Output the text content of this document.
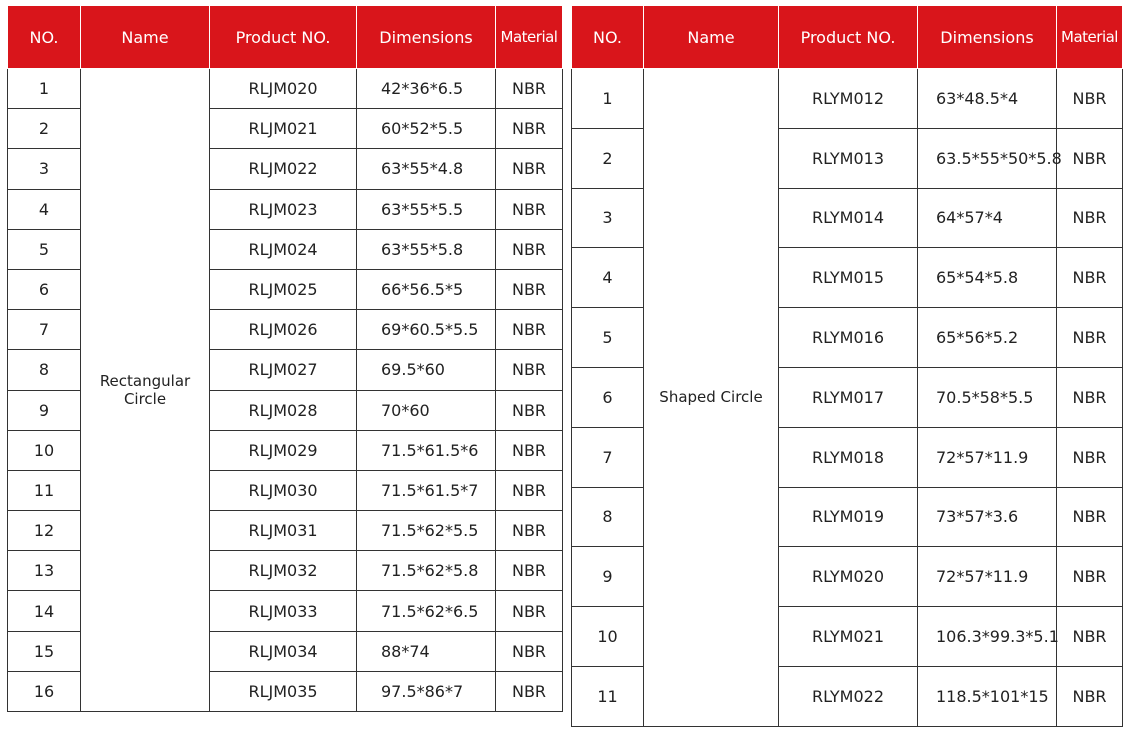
NO.	Name	Product NO.	Dimensions	Material
1	Rectangular Circle	RLJM020	42*36*6.5	NBR
2		RLJM021	60*52*5.5	NBR
3		RLJM022	63*55*4.8	NBR
4		RLJM023	63*55*5.5	NBR
5		RLJM024	63*55*5.8	NBR
6		RLJM025	66*56.5*5	NBR
7		RLJM026	69*60.5*5.5	NBR
8		RLJM027	69.5*60	NBR
9		RLJM028	70*60	NBR
10		RLJM029	71.5*61.5*6	NBR
11		RLJM030	71.5*61.5*7	NBR
12		RLJM031	71.5*62*5.5	NBR
13		RLJM032	71.5*62*5.8	NBR
14		RLJM033	71.5*62*6.5	NBR
15		RLJM034	88*74	NBR
16		RLJM035	97.5*86*7	NBR
NO.	Name	Product NO.	Dimensions	Material
1	Shaped Circle	RLYM012	63*48.5*4	NBR
2		RLYM013	63.5*55*50*5.8	NBR
3		RLYM014	64*57*4	NBR
4		RLYM015	65*54*5.8	NBR
5		RLYM016	65*56*5.2	NBR
6		RLYM017	70.5*58*5.5	NBR
7		RLYM018	72*57*11.9	NBR
8		RLYM019	73*57*3.6	NBR
9		RLYM020	72*57*11.9	NBR
10		RLYM021	106.3*99.3*5.1	NBR
11		RLYM022	118.5*101*15	NBR
